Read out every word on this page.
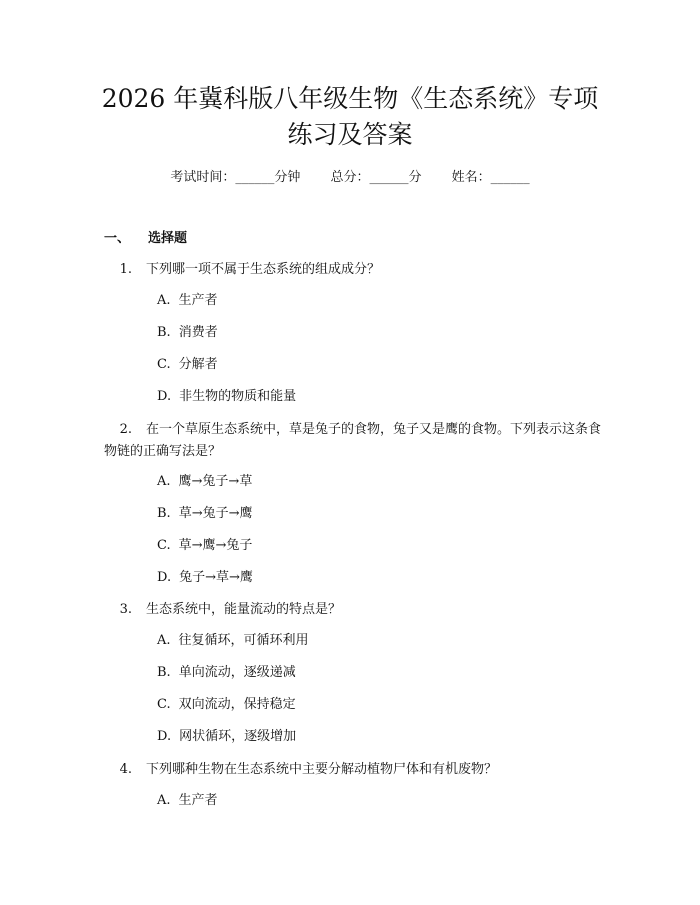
2026 年冀科版八年级生物《生态系统》专项
练习及答案
考试时间：______分钟 总分：______分 姓名：______
一、 选择题

1. 下列哪一项不属于生态系统的组成成分？

A. 生产者
B. 消费者
C. 分解者
D. 非生物的物质和能量

2. 在一个草原生态系统中，草是兔子的食物，兔子又是鹰的食物。下列表示这条食物链的正确写法是？

A. 鹰→兔子→草
B. 草→兔子→鹰
C. 草→鹰→兔子
D. 兔子→草→鹰

3. 生态系统中，能量流动的特点是？

A. 往复循环，可循环利用
B. 单向流动，逐级递减
C. 双向流动，保持稳定
D. 网状循环，逐级增加

4. 下列哪种生物在生态系统中主要分解动植物尸体和有机废物？

A. 生产者
